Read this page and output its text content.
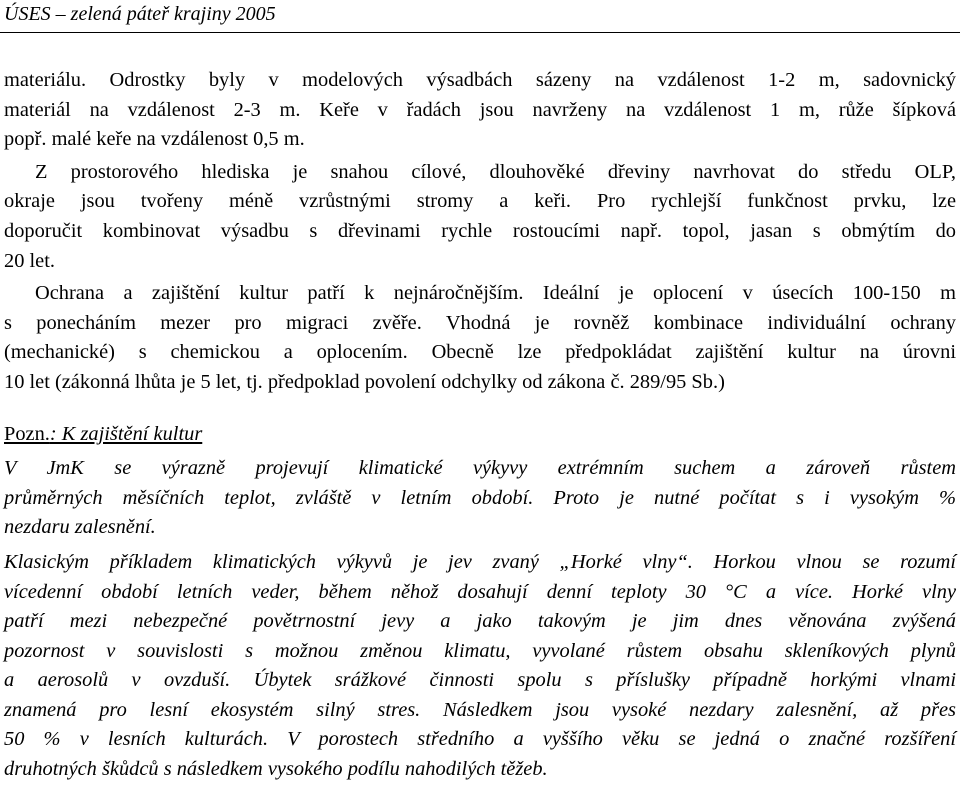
ÚSES – zelená páteř krajiny 2005
materiálu. Odrostky byly v modelových výsadbách sázeny na vzdálenost 1-2 m, sadovnický
materiál na vzdálenost 2-3 m. Keře v řadách jsou navrženy na vzdálenost 1 m, růže šípková
popř. malé keře na vzdálenost 0,5 m.
Z prostorového hlediska je snahou cílové, dlouhověké dřeviny navrhovat do středu OLP,
okraje jsou tvořeny méně vzrůstnými stromy a keři. Pro rychlejší funkčnost prvku, lze
doporučit kombinovat výsadbu s dřevinami rychle rostoucími např. topol, jasan s obmýtím do
20 let.
Ochrana a zajištění kultur patří k nejnáročnějším. Ideální je oplocení v úsecích 100-150 m
s ponecháním mezer pro migraci zvěře. Vhodná je rovněž kombinace individuální ochrany
(mechanické) s chemickou a oplocením. Obecně lze předpokládat zajištění kultur na úrovni
10 let (zákonná lhůta je 5 let, tj. předpoklad povolení odchylky od zákona č. 289/95 Sb.)
Pozn.: K zajištění kultur
V JmK se výrazně projevují klimatické výkyvy extrémním suchem a zároveň růstem
průměrných měsíčních teplot, zvláště v letním období. Proto je nutné počítat s i vysokým %
nezdaru zalesnění.
Klasickým příkladem klimatických výkyvů je jev zvaný „Horké vlny“. Horkou vlnou se rozumí
vícedenní období letních veder, během něhož dosahují denní teploty 30 °C a více. Horké vlny
patří mezi nebezpečné povětrnostní jevy a jako takovým je jim dnes věnována zvýšená
pozornost v souvislosti s možnou změnou klimatu, vyvolané růstem obsahu skleníkových plynů
a aerosolů v ovzduší. Úbytek srážkové činnosti spolu s příslušky případně horkými vlnami
znamená pro lesní ekosystém silný stres. Následkem jsou vysoké nezdary zalesnění, až přes
50 % v lesních kulturách. V porostech středního a vyššího věku se jedná o značné rozšíření
druhotných škůdců s následkem vysokého podílu nahodilých těžeb.
